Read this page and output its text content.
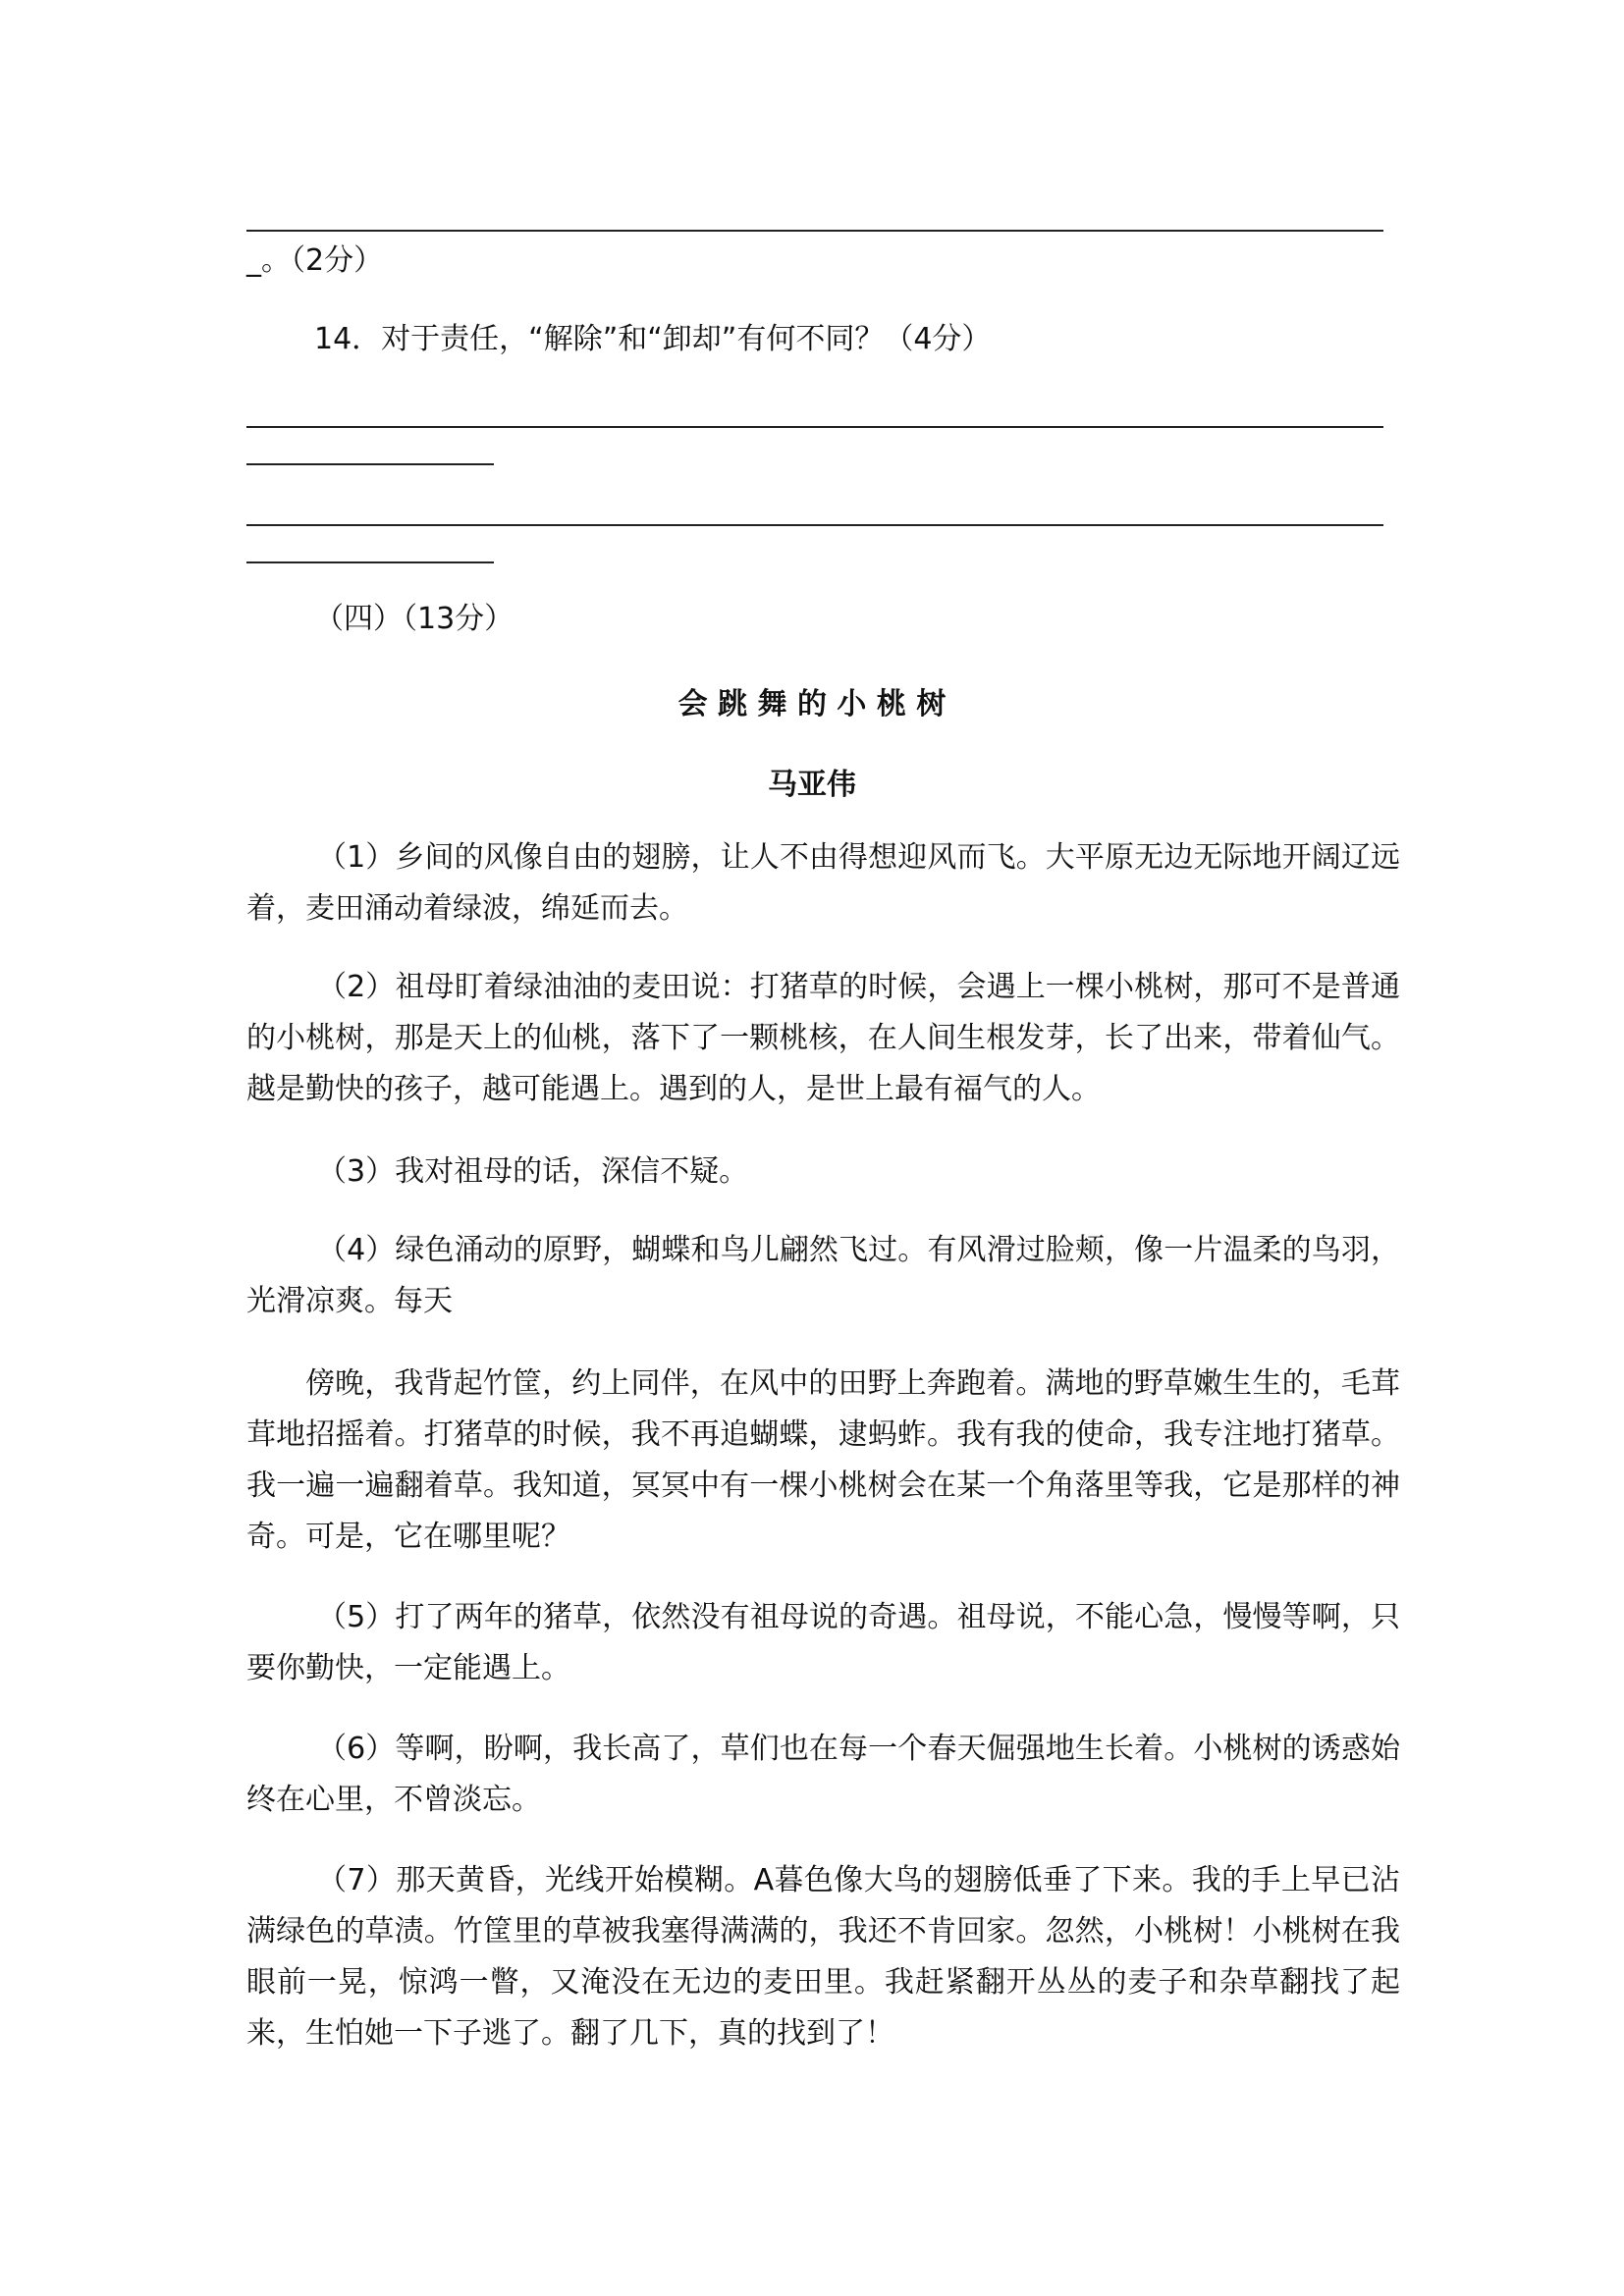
_。（2分）
14．对于责任，“解除”和“卸却”有何不同？（4分）
（四）（13分）
会 跳 舞 的 小 桃 树
马亚伟
（1）乡间的风像自由的翅膀，让人不由得想迎风而飞。大平原无边无际地开阔辽远着，麦田涌动着绿波，绵延而去。
（2）祖母盯着绿油油的麦田说：打猪草的时候，会遇上一棵小桃树，那可不是普通的小桃树，那是天上的仙桃，落下了一颗桃核，在人间生根发芽，长了出来，带着仙气。越是勤快的孩子，越可能遇上。遇到的人，是世上最有福气的人。
（3）我对祖母的话，深信不疑。
（4）绿色涌动的原野，蝴蝶和鸟儿翩然飞过。有风滑过脸颊，像一片温柔的鸟羽，光滑凉爽。每天
傍晚，我背起竹筐，约上同伴，在风中的田野上奔跑着。满地的野草嫩生生的，毛茸茸地招摇着。打猪草的时候，我不再追蝴蝶，逮蚂蚱。我有我的使命，我专注地打猪草。我一遍一遍翻着草。我知道，冥冥中有一棵小桃树会在某一个角落里等我，它是那样的神奇。可是，它在哪里呢？
（5）打了两年的猪草，依然没有祖母说的奇遇。祖母说，不能心急，慢慢等啊，只要你勤快，一定能遇上。
（6）等啊，盼啊，我长高了，草们也在每一个春天倔强地生长着。小桃树的诱惑始终在心里，不曾淡忘。
（7）那天黄昏，光线开始模糊。A暮色像大鸟的翅膀低垂了下来。我的手上早已沾满绿色的草渍。竹筐里的草被我塞得满满的，我还不肯回家。忽然，小桃树！小桃树在我眼前一晃，惊鸿一瞥，又淹没在无边的麦田里。我赶紧翻开丛丛的麦子和杂草翻找了起来，生怕她一下子逃了。翻了几下，真的找到了！
